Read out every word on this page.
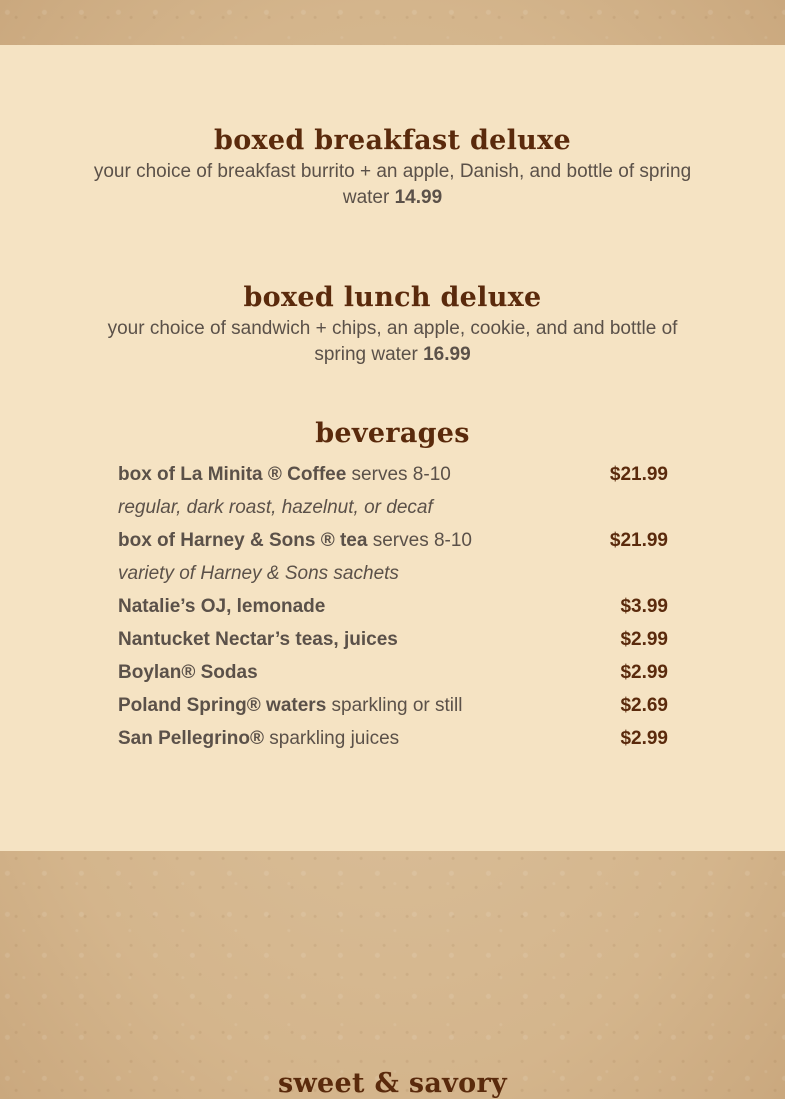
boxed breakfast deluxe

your choice of breakfast burrito + an apple, Danish, and bottle of spring water 14.99

boxed lunch deluxe

your choice of sandwich + chips, an apple, cookie, and and bottle of spring water 16.99

beverages
box of La Minita ® Coffee serves 8-10	$21.99
regular, dark roast, hazelnut, or decaf
box of Harney & Sons ® tea serves 8-10	$21.99
variety of Harney & Sons sachets
Natalie’s OJ, lemonade	$3.99
Nantucket Nectar’s teas, juices	$2.99
Boylan® Sodas	$2.99
Poland Spring® waters sparkling or still	$2.69
San Pellegrino® sparkling juices	$2.99
sweet & savory
